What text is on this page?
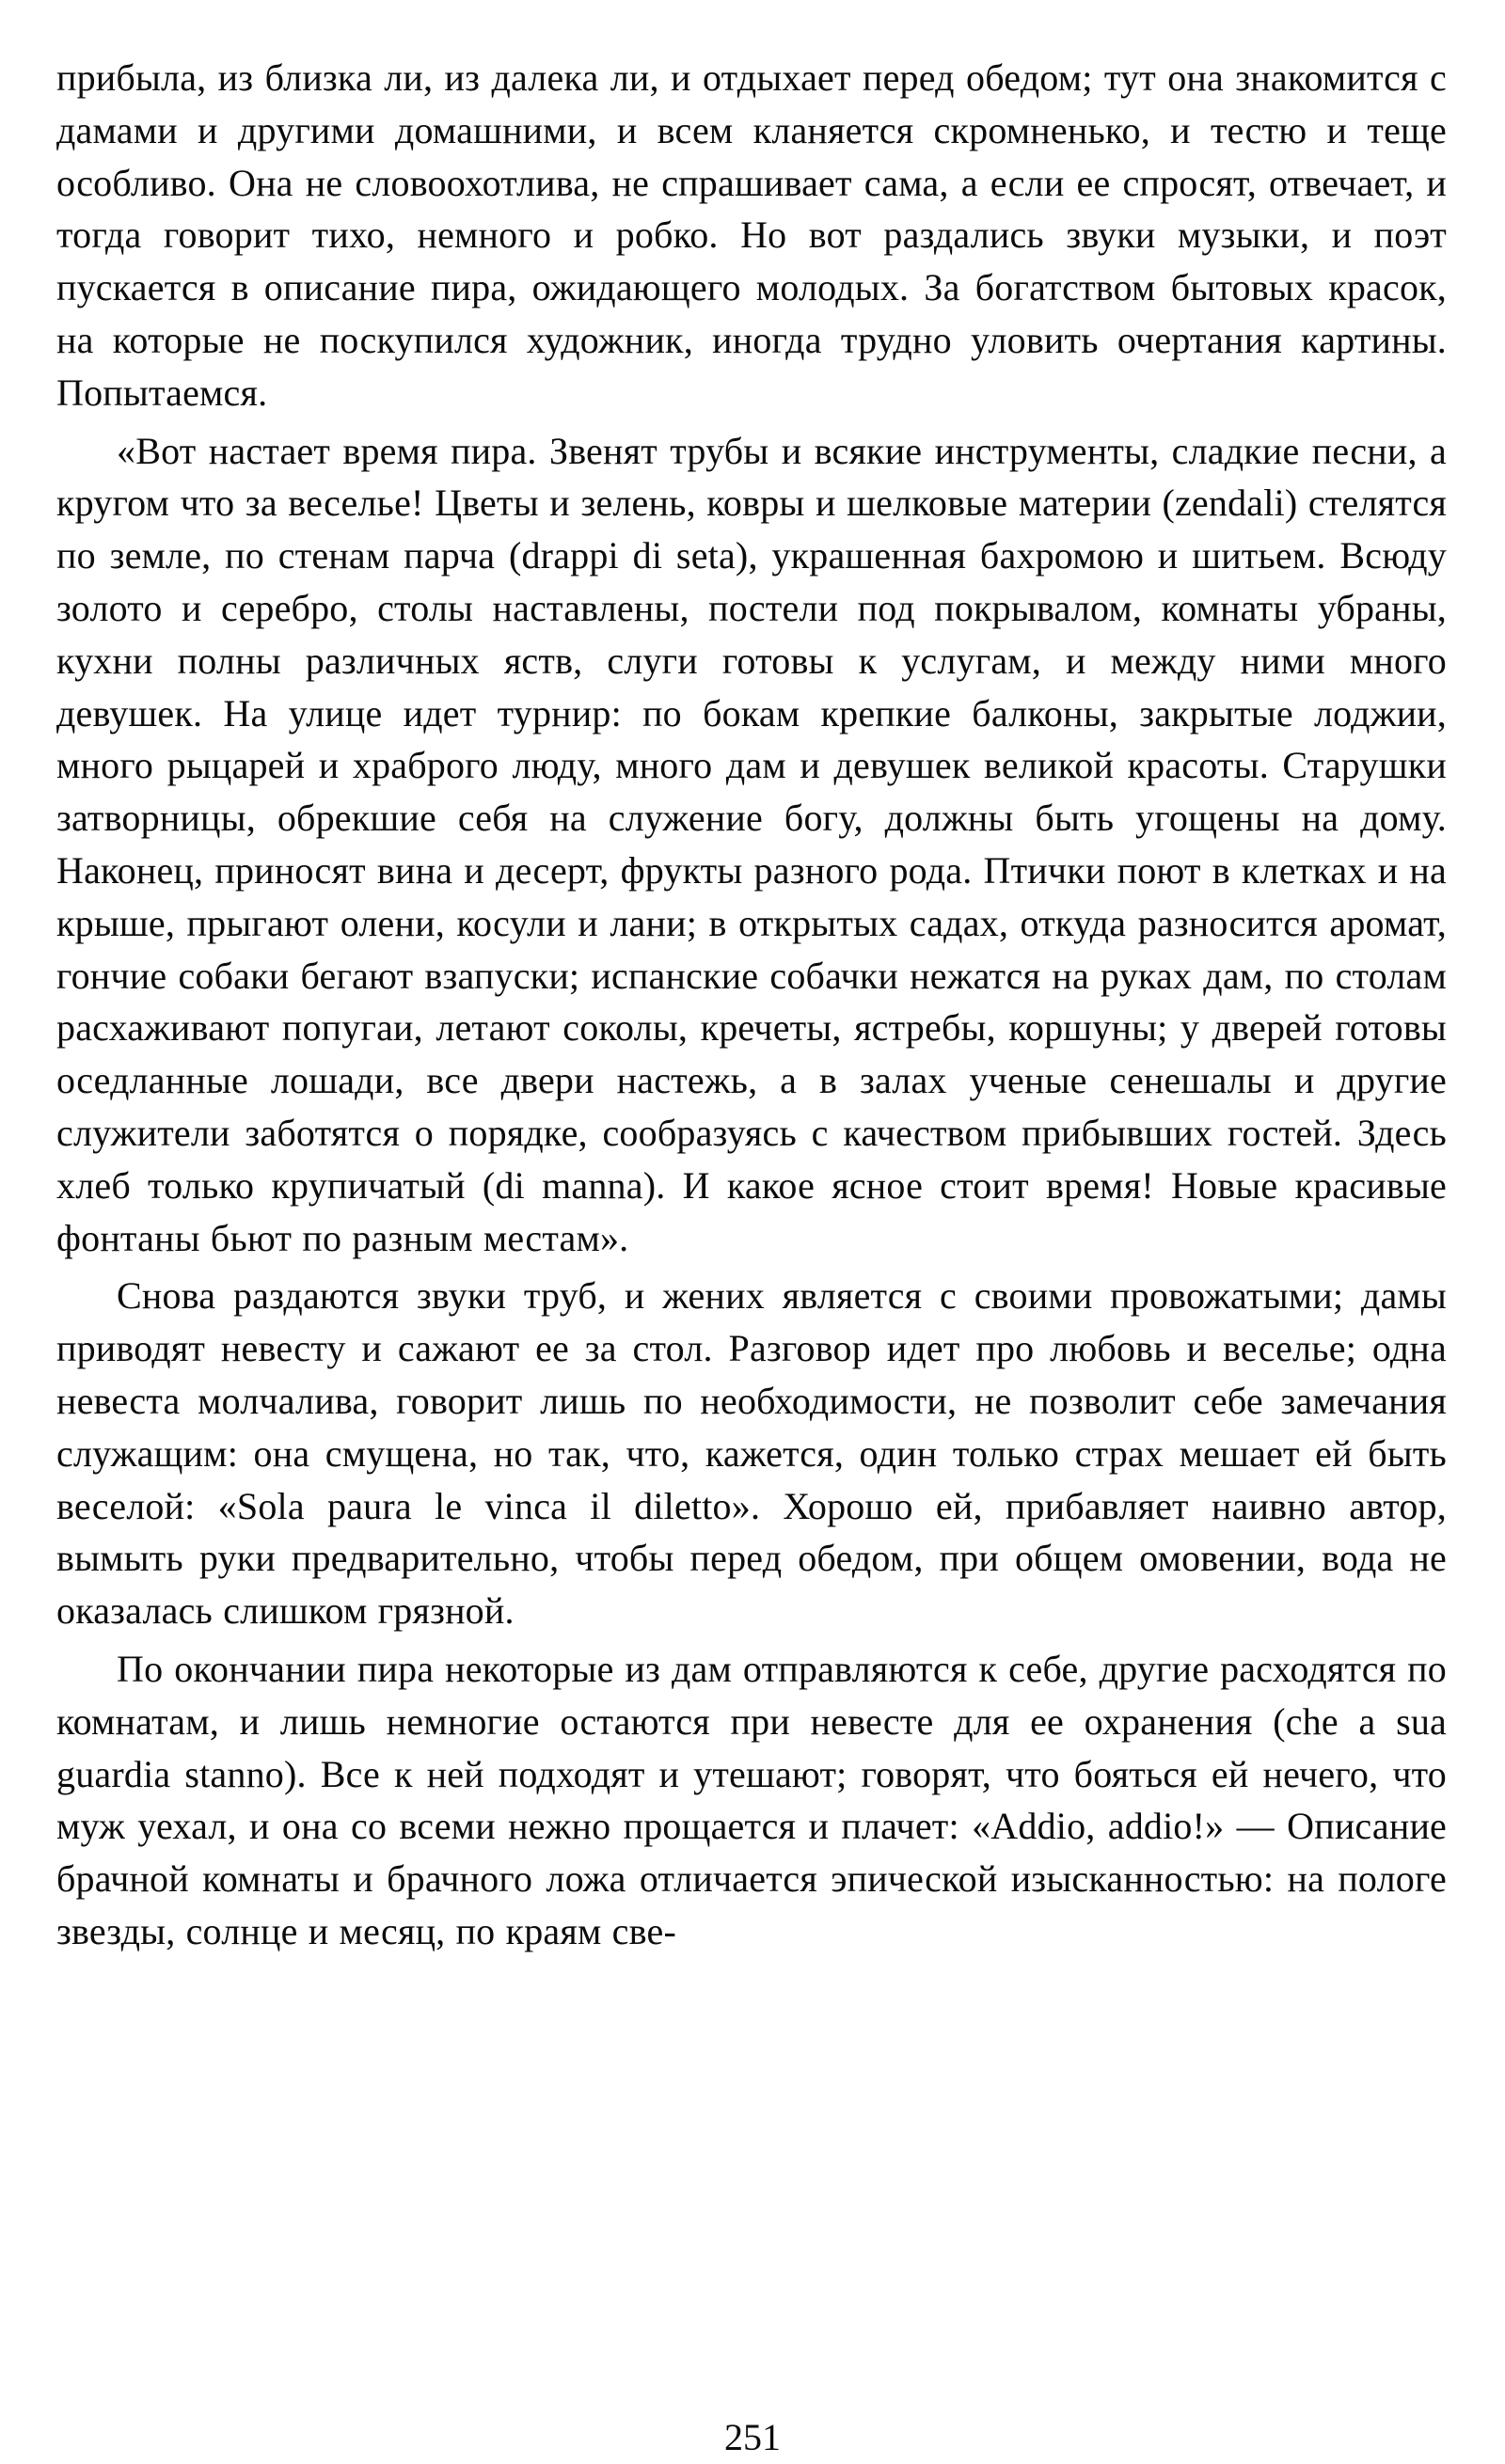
прибыла, из близка ли, из далека ли, и отдыхает перед обедом; тут она знакомится с дамами и другими домашними, и всем кланяется скромненько, и тестю и теще особливо. Она не словоохотлива, не спрашивает сама, а если ее спросят, отвечает, и тогда говорит тихо, немного и робко. Но вот раздались звуки музыки, и поэт пускается в описание пира, ожидающего молодых. За богатством бытовых красок, на которые не поскупился художник, иногда трудно уловить очертания картины. Попытаемся.

«Вот настает время пира. Звенят трубы и всякие инструменты, сладкие песни, а кругом что за веселье! Цветы и зелень, ковры и шелковые материи (zendali) стелятся по земле, по стенам парча (drappi di seta), украшенная бахромою и шитьем. Всюду золото и серебро, столы наставлены, постели под покрывалом, комнаты убраны, кухни полны различных яств, слуги готовы к услугам, и между ними много девушек. На улице идет турнир: по бокам крепкие балконы, закрытые лоджии, много рыцарей и храброго люду, много дам и девушек великой красоты. Старушки затворницы, обрекшие себя на служение богу, должны быть угощены на дому. Наконец, приносят вина и десерт, фрукты разного рода. Птички поют в клетках и на крыше, прыгают олени, косули и лани; в открытых садах, откуда разносится аромат, гончие собаки бегают взапуски; испанские собачки нежатся на руках дам, по столам расхаживают попугаи, летают соколы, кречеты, ястребы, коршуны; у дверей готовы оседланные лошади, все двери настежь, а в залах ученые сенешалы и другие служители заботятся о порядке, сообразуясь с качеством прибывших гостей. Здесь хлеб только крупичатый (di manna). И какое ясное стоит время! Новые красивые фонтаны бьют по разным местам».

Снова раздаются звуки труб, и жених является с своими провожатыми; дамы приводят невесту и сажают ее за стол. Разговор идет про любовь и веселье; одна невеста молчалива, говорит лишь по необходимости, не позволит себе замечания служащим: она смущена, но так, что, кажется, один только страх мешает ей быть веселой: «Sola paura le vinca il diletto». Хорошо ей, прибавляет наивно автор, вымыть руки предварительно, чтобы перед обедом, при общем омовении, вода не оказалась слишком грязной.

По окончании пира некоторые из дам отправляются к себе, другие расходятся по комнатам, и лишь немногие остаются при невесте для ее охранения (che a sua guardia stanno). Все к ней подходят и утешают; говорят, что бояться ей нечего, что муж уехал, и она со всеми нежно прощается и плачет: «Addio, addio!» — Описание брачной комнаты и брачного ложа отличается эпической изысканностью: на пологе звезды, солнце и месяц, по краям све-

251
